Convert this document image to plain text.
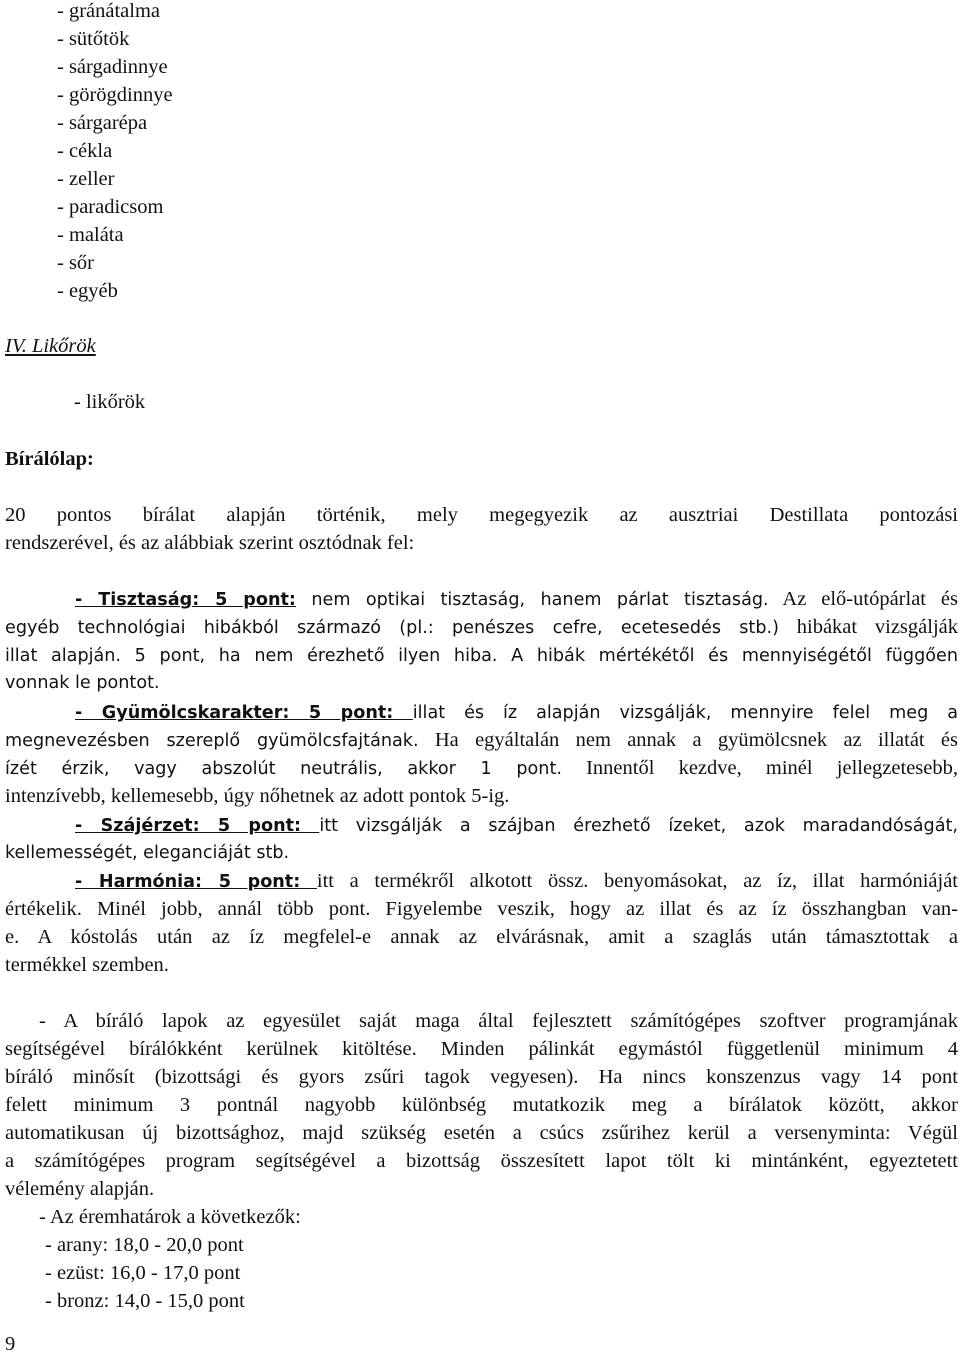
- gránátalma
- sütőtök
- sárgadinnye
- görögdinnye
- sárgarépa
- cékla
- zeller
- paradicsom
- maláta
- sőr
- egyéb
IV. Likőrök
- likőrök
Bírálólap:
20 pontos bírálat alapján történik, mely megegyezik az ausztriai Destillata pontozási
rendszerével, és az alábbiak szerint osztódnak fel:
- Tisztaság: 5 pont: nem optikai tisztaság, hanem párlat tisztaság. Az elő-utópárlat és
egyéb technológiai hibákból származó (pl.: penészes cefre, ecetesedés stb.) hibákat vizsgálják
illat alapján. 5 pont, ha nem érezhető ilyen hiba. A hibák mértékétől és mennyiségétől függően
vonnak le pontot.
- Gyümölcskarakter: 5 pont: illat és íz alapján vizsgálják, mennyire felel meg a
megnevezésben szereplő gyümölcsfajtának. Ha egyáltalán nem annak a gyümölcsnek az illatát és
ízét érzik, vagy abszolút neutrális, akkor 1 pont. Innentől kezdve, minél jellegzetesebb,
intenzívebb, kellemesebb, úgy nőhetnek az adott pontok 5-ig.
- Szájérzet: 5 pont: itt vizsgálják a szájban érezhető ízeket, azok maradandóságát,
kellemességét, eleganciáját stb.
- Harmónia: 5 pont: itt a termékről alkotott össz. benyomásokat, az íz, illat harmóniáját
értékelik. Minél jobb, annál több pont. Figyelembe veszik, hogy az illat és az íz összhangban van-
e. A kóstolás után az íz megfelel-e annak az elvárásnak, amit a szaglás után támasztottak a
termékkel szemben.
- A bíráló lapok az egyesület saját maga által fejlesztett számítógépes szoftver programjának
segítségével bírálókként kerülnek kitöltése. Minden pálinkát egymástól függetlenül minimum 4
bíráló minősít (bizottsági és gyors zsűri tagok vegyesen). Ha nincs konszenzus vagy 14 pont
felett minimum 3 pontnál nagyobb különbség mutatkozik meg a bírálatok között, akkor
automatikusan új bizottsághoz, majd szükség esetén a csúcs zsűrihez kerül a versenyminta: Végül
a számítógépes program segítségével a bizottság összesített lapot tölt ki mintánként, egyeztetett
vélemény alapján.
- Az éremhatárok a következők:
- arany: 18,0 - 20,0 pont
- ezüst: 16,0 - 17,0 pont
- bronz: 14,0 - 15,0 pont
9
